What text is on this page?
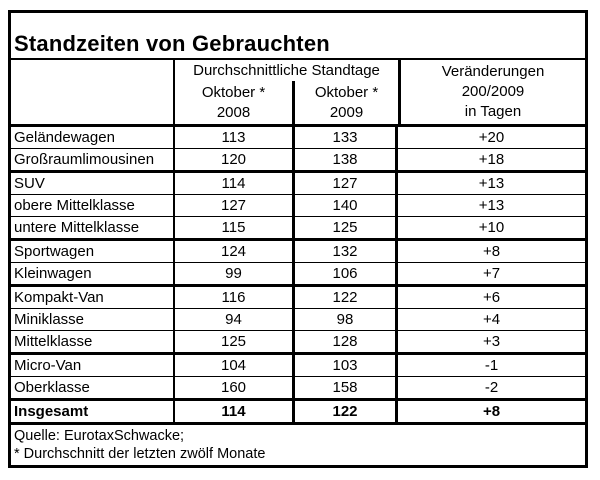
Standzeiten von Gebrauchten
Durchschnittliche Standtage
Oktober *
2008
Oktober *
2009
Veränderungen
200/2009
in Tagen
Geländewagen	113	133	+20
Großraumlimousinen	120	138	+18
SUV	114	127	+13
obere Mittelklasse	127	140	+13
untere Mittelklasse	115	125	+10
Sportwagen	124	132	+8
Kleinwagen	99	106	+7
Kompakt-Van	116	122	+6
Miniklasse	94	98	+4
Mittelklasse	125	128	+3
Micro-Van	104	103	-1
Oberklasse	160	158	-2
Insgesamt	114	122	+8
Quelle: EurotaxSchwacke;
* Durchschnitt der letzten zwölf Monate
